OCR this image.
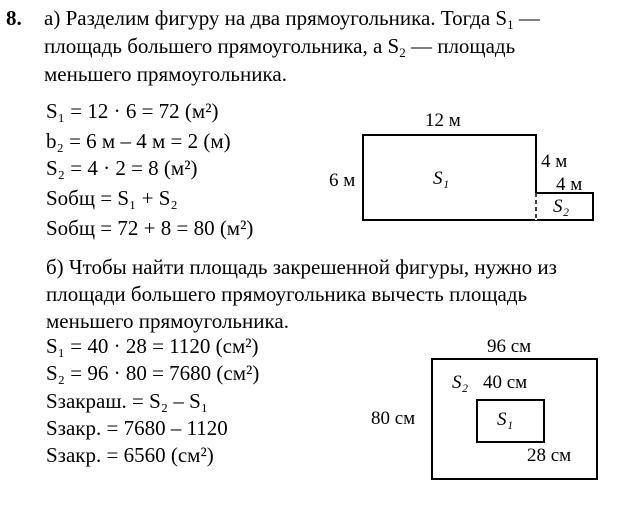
8. а) Разделим фигуру на два прямоугольника. Тогда $S_1$ —
площадь большего прямоугольника, а $S_2$ — площадь
меньшего прямоугольника.
S₁ = 12 · 6 = 72 (м²)
b₂ = 6 м – 4 м = 2 (м)
S₂ = 4 · 2 = 8 (м²)
Sобщ = S₁ + S₂
Sобщ = 72 + 8 = 80 (м²)
12 м
6 м
4 м
4 м
S₁
S₂
б) Чтобы найти площадь закрешенной фигуры, нужно из
площади большего прямоугольника вычесть площадь
меньшего прямоугольника.
S₁ = 40 · 28 = 1120 (см²)
S₂ = 96 · 80 = 7680 (см²)
Sзакраш. = S₂ – S₁
Sзакр. = 7680 – 1120
Sзакр. = 6560 (см²)
96 см
80 см
S₂ 40 см
S₁
28 см
